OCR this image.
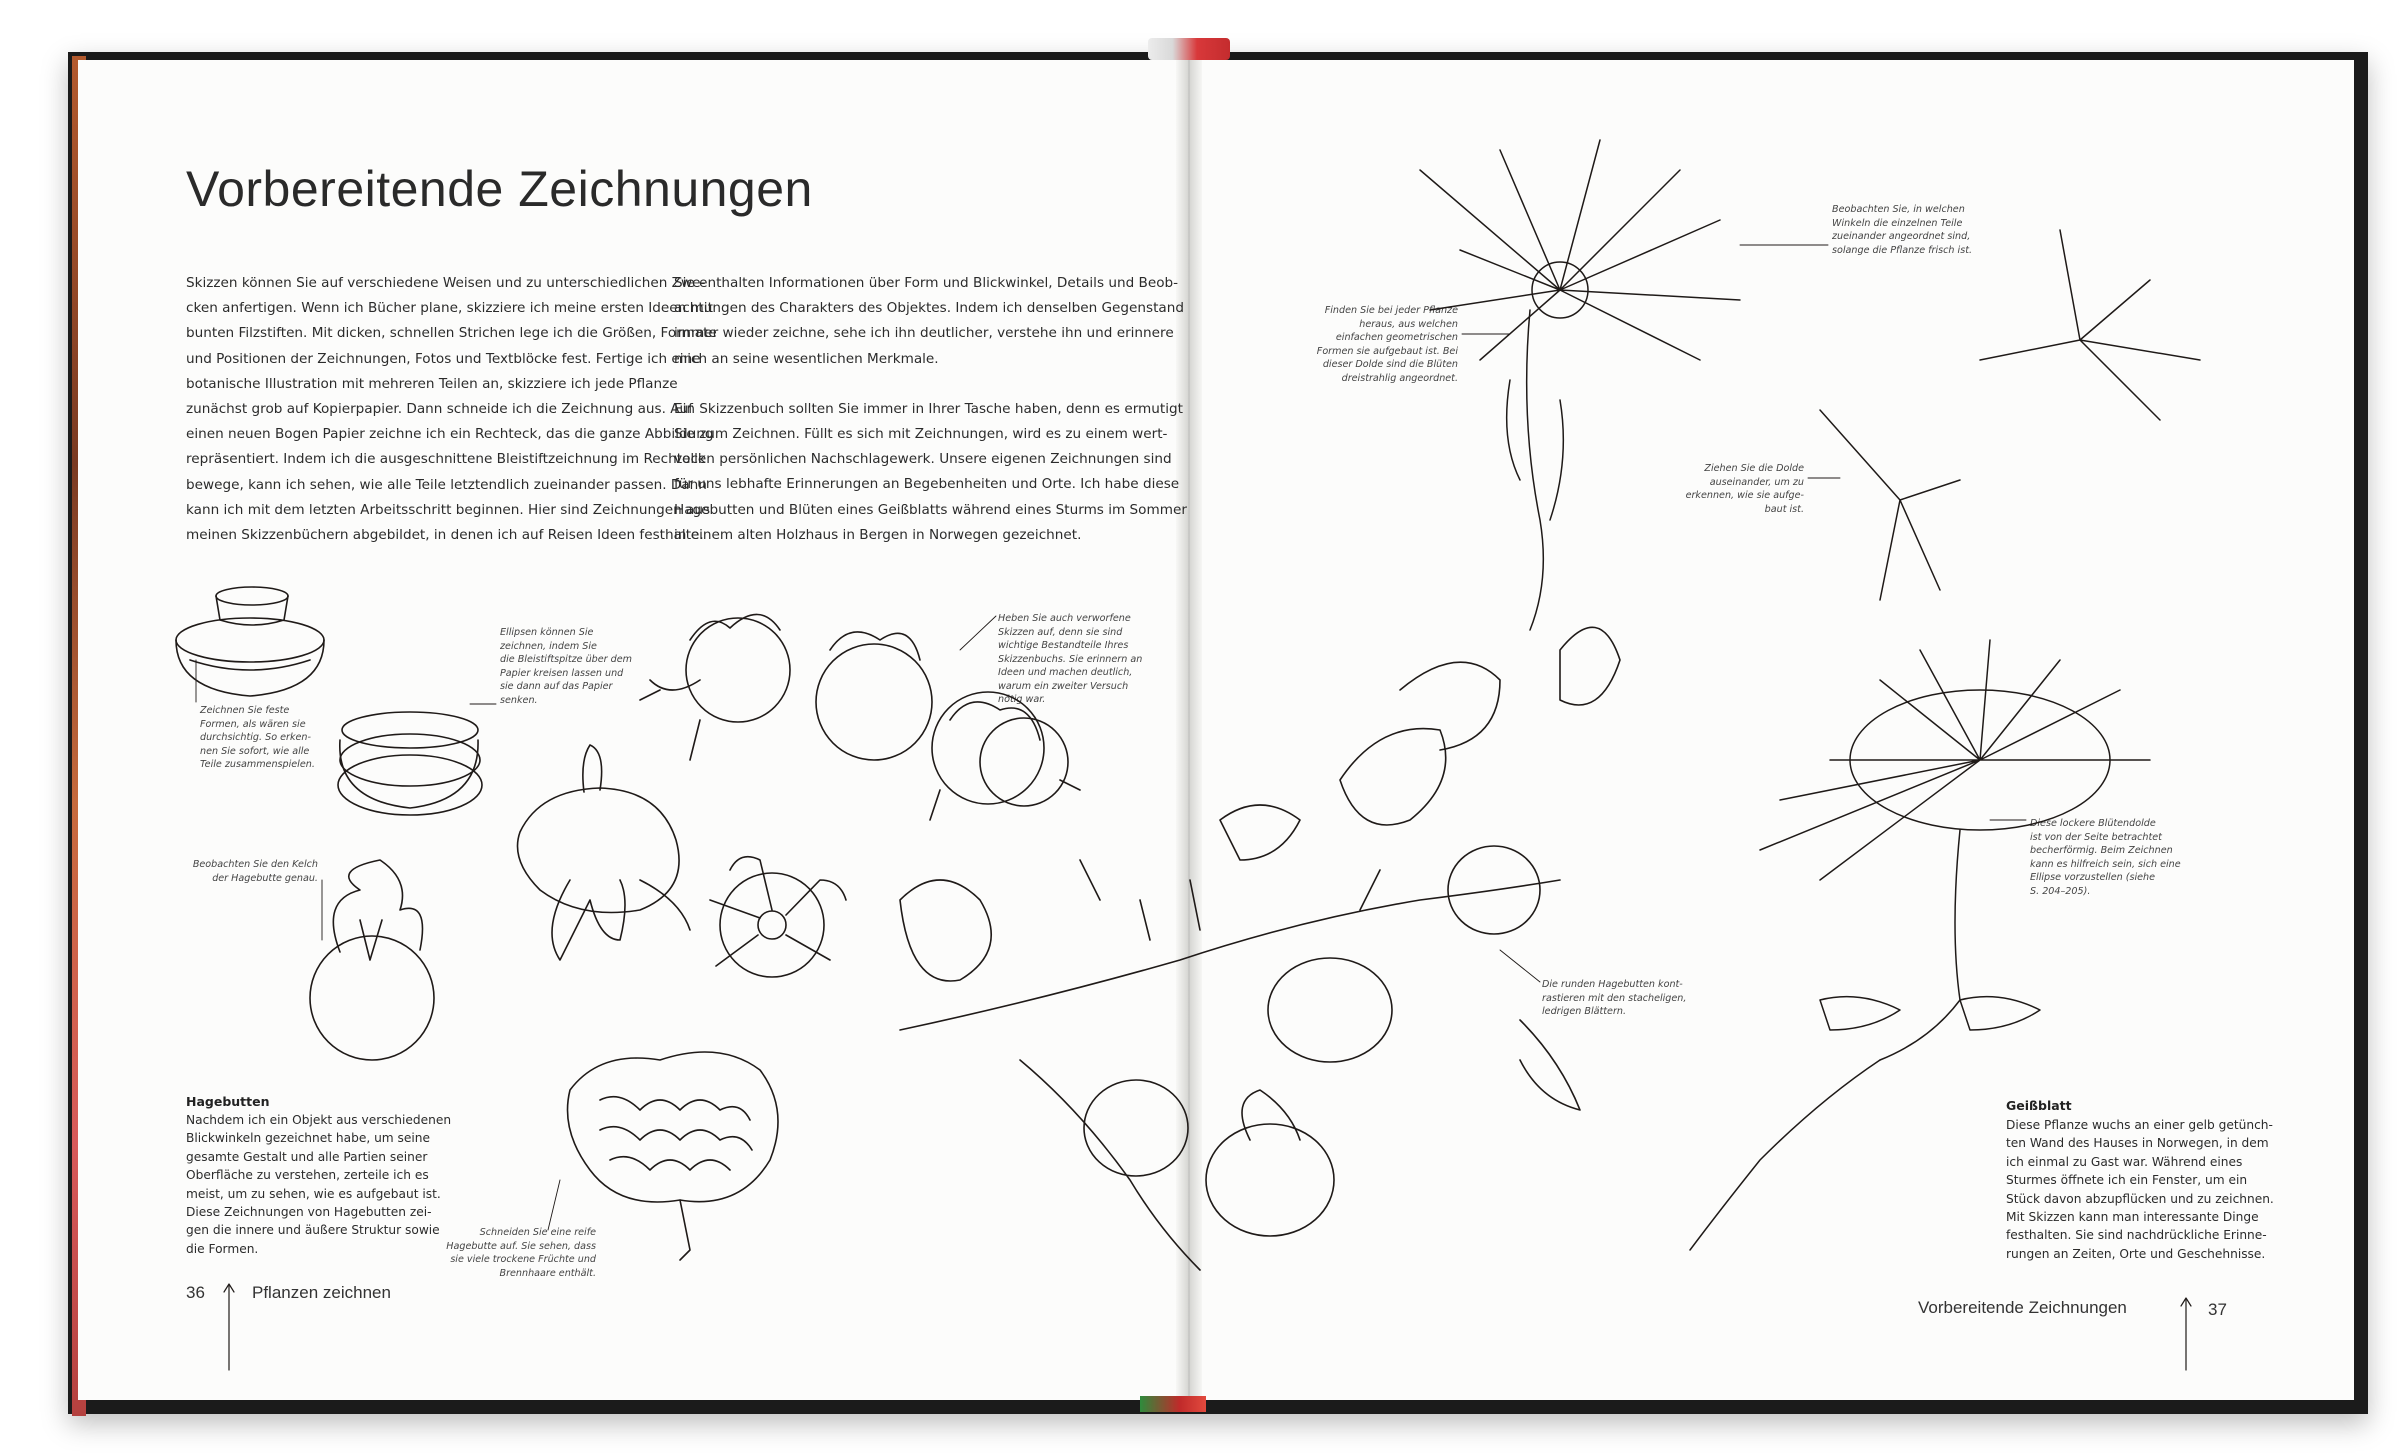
Vorbereitende Zeichnungen
Skizzen können Sie auf verschiedene Weisen und zu unterschiedlichen Zwe-
cken anfertigen. Wenn ich Bücher plane, skizziere ich meine ersten Ideen mit
bunten Filzstiften. Mit dicken, schnellen Strichen lege ich die Größen, Formate
und Positionen der Zeichnungen, Fotos und Textblöcke fest. Fertige ich eine
botanische Illustration mit mehreren Teilen an, skizziere ich jede Pflanze
zunächst grob auf Kopierpapier. Dann schneide ich die Zeichnung aus. Auf
einen neuen Bogen Papier zeichne ich ein Rechteck, das die ganze Abbildung
repräsentiert. Indem ich die ausgeschnittene Bleistiftzeichnung im Rechteck
bewege, kann ich sehen, wie alle Teile letztendlich zueinander passen. Dann
kann ich mit dem letzten Arbeitsschritt beginnen. Hier sind Zeichnungen aus
meinen Skizzenbüchern abgebildet, in denen ich auf Reisen Ideen festhalte.
Sie enthalten Informationen über Form und Blickwinkel, Details und Beob-
achtungen des Charakters des Objektes. Indem ich denselben Gegenstand
immer wieder zeichne, sehe ich ihn deutlicher, verstehe ihn und erinnere
mich an seine wesentlichen Merkmale.
Ein Skizzenbuch sollten Sie immer in Ihrer Tasche haben, denn es ermutigt
Sie zum Zeichnen. Füllt es sich mit Zeichnungen, wird es zu einem wert-
vollen persönlichen Nachschlagewerk. Unsere eigenen Zeichnungen sind
für uns lebhafte Erinnerungen an Begebenheiten und Orte. Ich habe diese
Hagebutten und Blüten eines Geißblatts während eines Sturms im Sommer
in einem alten Holzhaus in Bergen in Norwegen gezeichnet.
Zeichnen Sie feste
Formen, als wären sie
durchsichtig. So erken-
nen Sie sofort, wie alle
Teile zusammenspielen.
Ellipsen können Sie
zeichnen, indem Sie
die Bleistiftspitze über dem
Papier kreisen lassen und
sie dann auf das Papier
senken.
Heben Sie auch verworfene
Skizzen auf, denn sie sind
wichtige Bestandteile Ihres
Skizzenbuchs. Sie erinnern an
Ideen und machen deutlich,
warum ein zweiter Versuch
nötig war.
Beobachten Sie den Kelch
der Hagebutte genau.
Schneiden Sie eine reife
Hagebutte auf. Sie sehen, dass
sie viele trockene Früchte und
Brennhaare enthält.
Hagebutten
Nachdem ich ein Objekt aus verschiedenen
Blickwinkeln gezeichnet habe, um seine
gesamte Gestalt und alle Partien seiner
Oberfläche zu verstehen, zerteile ich es
meist, um zu sehen, wie es aufgebaut ist.
Diese Zeichnungen von Hagebutten zei-
gen die innere und äußere Struktur sowie
die Formen.
36	Pflanzen zeichnen
Finden Sie bei jeder Pflanze
heraus, aus welchen
einfachen geometrischen
Formen sie aufgebaut ist. Bei
dieser Dolde sind die Blüten
dreistrahlig angeordnet.
Beobachten Sie, in welchen
Winkeln die einzelnen Teile
zueinander angeordnet sind,
solange die Pflanze frisch ist.
Ziehen Sie die Dolde
auseinander, um zu
erkennen, wie sie aufge-
baut ist.
Diese lockere Blütendolde
ist von der Seite betrachtet
becherförmig. Beim Zeichnen
kann es hilfreich sein, sich eine
Ellipse vorzustellen (siehe
S. 204–205).
Die runden Hagebutten kont-
rastieren mit den stacheligen,
ledrigen Blättern.
Geißblatt
Diese Pflanze wuchs an einer gelb getünch-
ten Wand des Hauses in Norwegen, in dem
ich einmal zu Gast war. Während eines
Sturmes öffnete ich ein Fenster, um ein
Stück davon abzupflücken und zu zeichnen.
Mit Skizzen kann man interessante Dinge
festhalten. Sie sind nachdrückliche Erinne-
rungen an Zeiten, Orte und Geschehnisse.
Vorbereitende Zeichnungen	37
